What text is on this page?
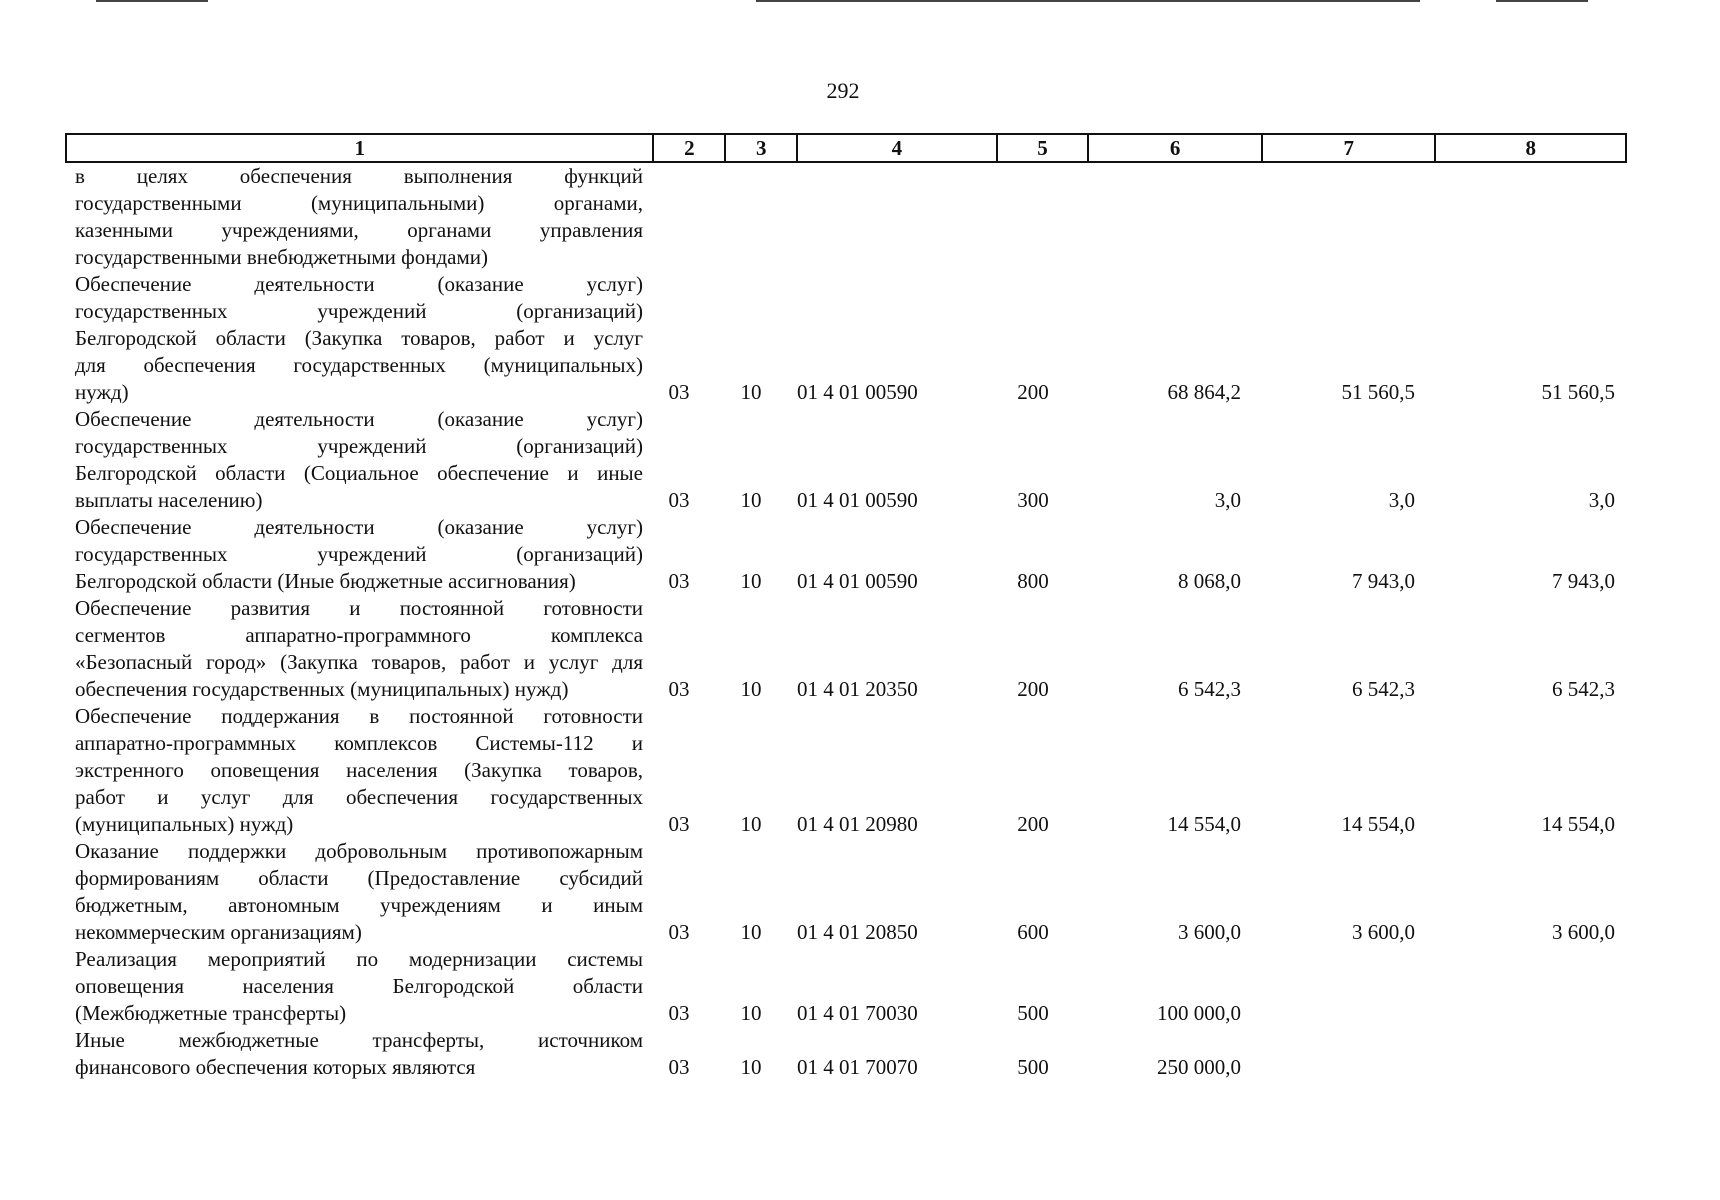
292
1	2	3	4	5	6	7	8
в целях обеспечения выполнения функций
государственными (муниципальными) органами,
казенными учреждениями, органами управления
государственными внебюджетными фондами)
Обеспечение деятельности (оказание услуг)
государственных учреждений (организаций)
Белгородской области (Закупка товаров, работ и услуг
для обеспечения государственных (муниципальных)
нужд)	03	10	01 4 01 00590	200	68 864,2	51 560,5	51 560,5
Обеспечение деятельности (оказание услуг)
государственных учреждений (организаций)
Белгородской области (Социальное обеспечение и иные
выплаты населению)	03	10	01 4 01 00590	300	3,0	3,0	3,0
Обеспечение деятельности (оказание услуг)
государственных учреждений (организаций)
Белгородской области (Иные бюджетные ассигнования)	03	10	01 4 01 00590	800	8 068,0	7 943,0	7 943,0
Обеспечение развития и постоянной готовности
сегментов аппаратно-программного комплекса
«Безопасный город» (Закупка товаров, работ и услуг для
обеспечения государственных (муниципальных) нужд)	03	10	01 4 01 20350	200	6 542,3	6 542,3	6 542,3
Обеспечение поддержания в постоянной готовности
аппаратно-программных комплексов Системы-112 и
экстренного оповещения населения (Закупка товаров,
работ и услуг для обеспечения государственных
(муниципальных) нужд)	03	10	01 4 01 20980	200	14 554,0	14 554,0	14 554,0
Оказание поддержки добровольным противопожарным
формированиям области (Предоставление субсидий
бюджетным, автономным учреждениям и иным
некоммерческим организациям)	03	10	01 4 01 20850	600	3 600,0	3 600,0	3 600,0
Реализация мероприятий по модернизации системы
оповещения населения Белгородской области
(Межбюджетные трансферты)	03	10	01 4 01 70030	500	100 000,0
Иные межбюджетные трансферты, источником
финансового обеспечения которых являются	03	10	01 4 01 70070	500	250 000,0
